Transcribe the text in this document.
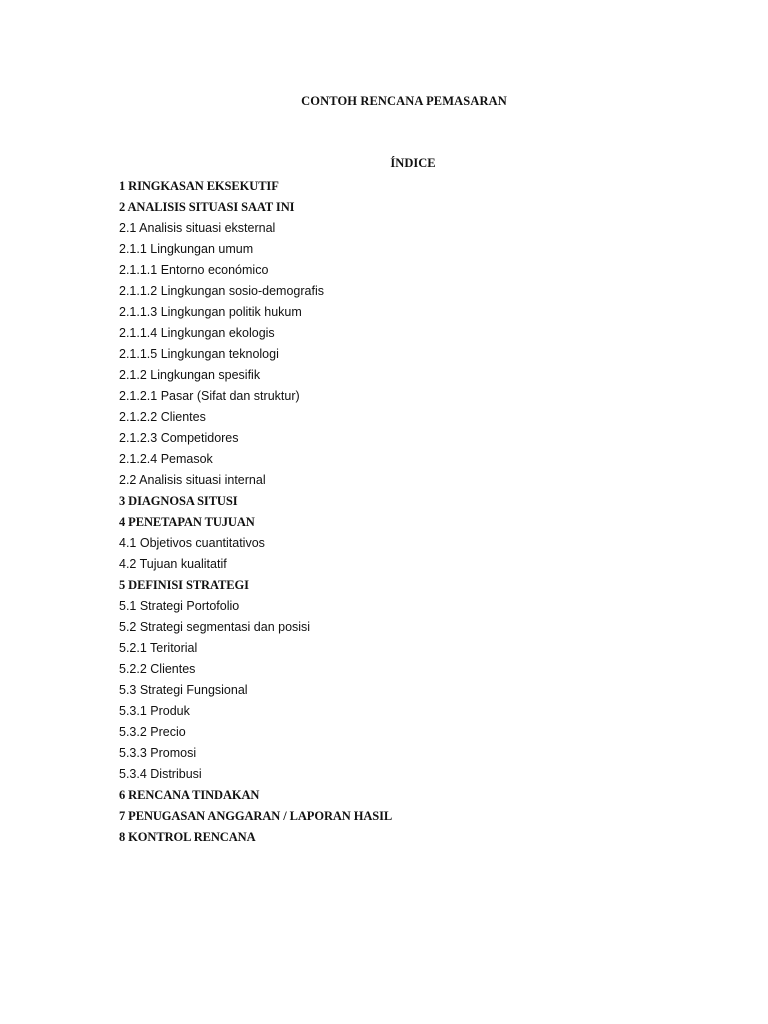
CONTOH RENCANA PEMASARAN
ÍNDICE
1 RINGKASAN EKSEKUTIF
2 ANALISIS SITUASI SAAT INI
2.1 Analisis situasi eksternal
2.1.1 Lingkungan umum
2.1.1.1 Entorno económico
2.1.1.2 Lingkungan sosio-demografis
2.1.1.3 Lingkungan politik hukum
2.1.1.4 Lingkungan ekologis
2.1.1.5 Lingkungan teknologi
2.1.2 Lingkungan spesifik
2.1.2.1 Pasar (Sifat dan struktur)
2.1.2.2 Clientes
2.1.2.3 Competidores
2.1.2.4 Pemasok
2.2 Analisis situasi internal
3 DIAGNOSA SITUSI
4 PENETAPAN TUJUAN
4.1 Objetivos cuantitativos
4.2 Tujuan kualitatif
5 DEFINISI STRATEGI
5.1 Strategi Portofolio
5.2 Strategi segmentasi dan posisi
5.2.1 Teritorial
5.2.2 Clientes
5.3 Strategi Fungsional
5.3.1 Produk
5.3.2 Precio
5.3.3 Promosi
5.3.4 Distribusi
6 RENCANA TINDAKAN
7 PENUGASAN ANGGARAN / LAPORAN HASIL
8 KONTROL RENCANA
